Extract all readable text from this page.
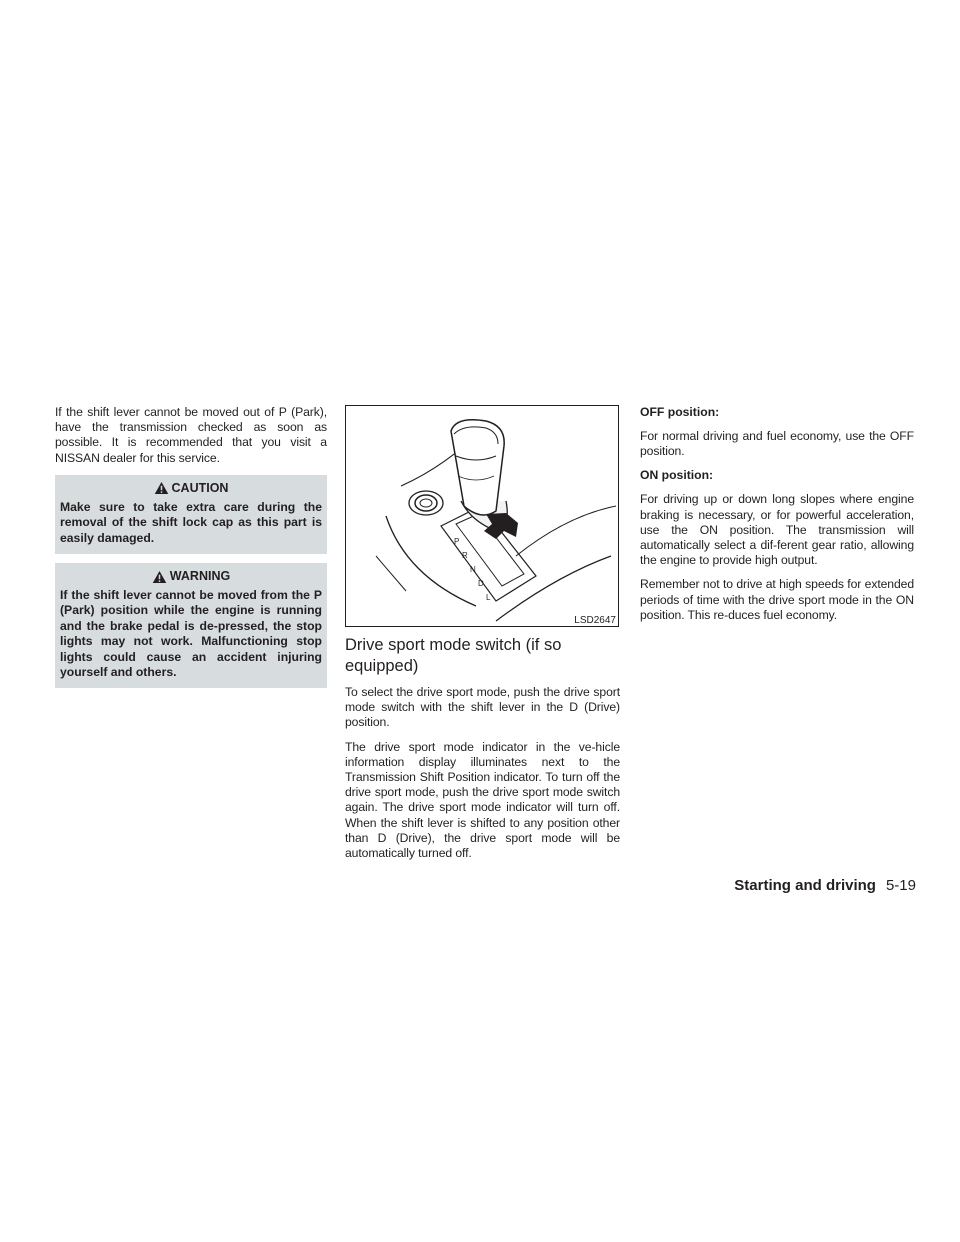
If the shift lever cannot be moved out of P (Park), have the transmission checked as soon as possible. It is recommended that you visit a NISSAN dealer for this service.

CAUTION

Make sure to take extra care during the removal of the shift lock cap as this part is easily damaged.

WARNING

If the shift lever cannot be moved from the P (Park) position while the engine is running and the brake pedal is de-pressed, the stop lights may not work. Malfunctioning stop lights could cause an accident injuring yourself and others.

P
R
N
D
L
LSD2647
Drive sport mode switch (if so equipped)

To select the drive sport mode, push the drive sport mode switch with the shift lever in the D (Drive) position.

The drive sport mode indicator in the ve-hicle information display illuminates next to the Transmission Shift Position indicator. To turn off the drive sport mode, push the drive sport mode switch again. The drive sport mode indicator will turn off. When the shift lever is shifted to any position other than D (Drive), the drive sport mode will be automatically turned off.

OFF position:

For normal driving and fuel economy, use the OFF position.

ON position:

For driving up or down long slopes where engine braking is necessary, or for powerful acceleration, use the ON position. The transmission will automatically select a dif-ferent gear ratio, allowing the engine to provide high output.

Remember not to drive at high speeds for extended periods of time with the drive sport mode in the ON position. This re-duces fuel economy.

Starting and driving 5-19
